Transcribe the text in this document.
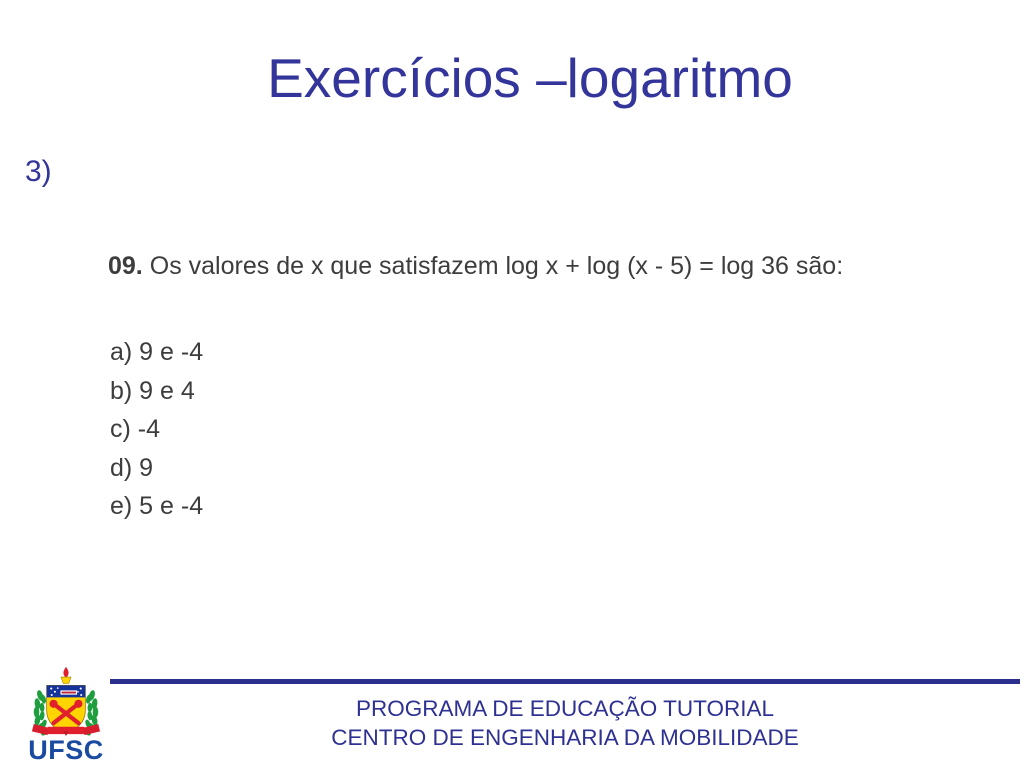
Exercícios –logaritmo
3)
09. Os valores de x que satisfazem log x + log (x - 5) = log 36 são:
a) 9 e -4
b) 9 e 4
c) -4
d) 9
e) 5 e -4
PROGRAMA DE EDUCAÇÃO TUTORIAL
CENTRO DE ENGENHARIA DA MOBILIDADE
UFSC
